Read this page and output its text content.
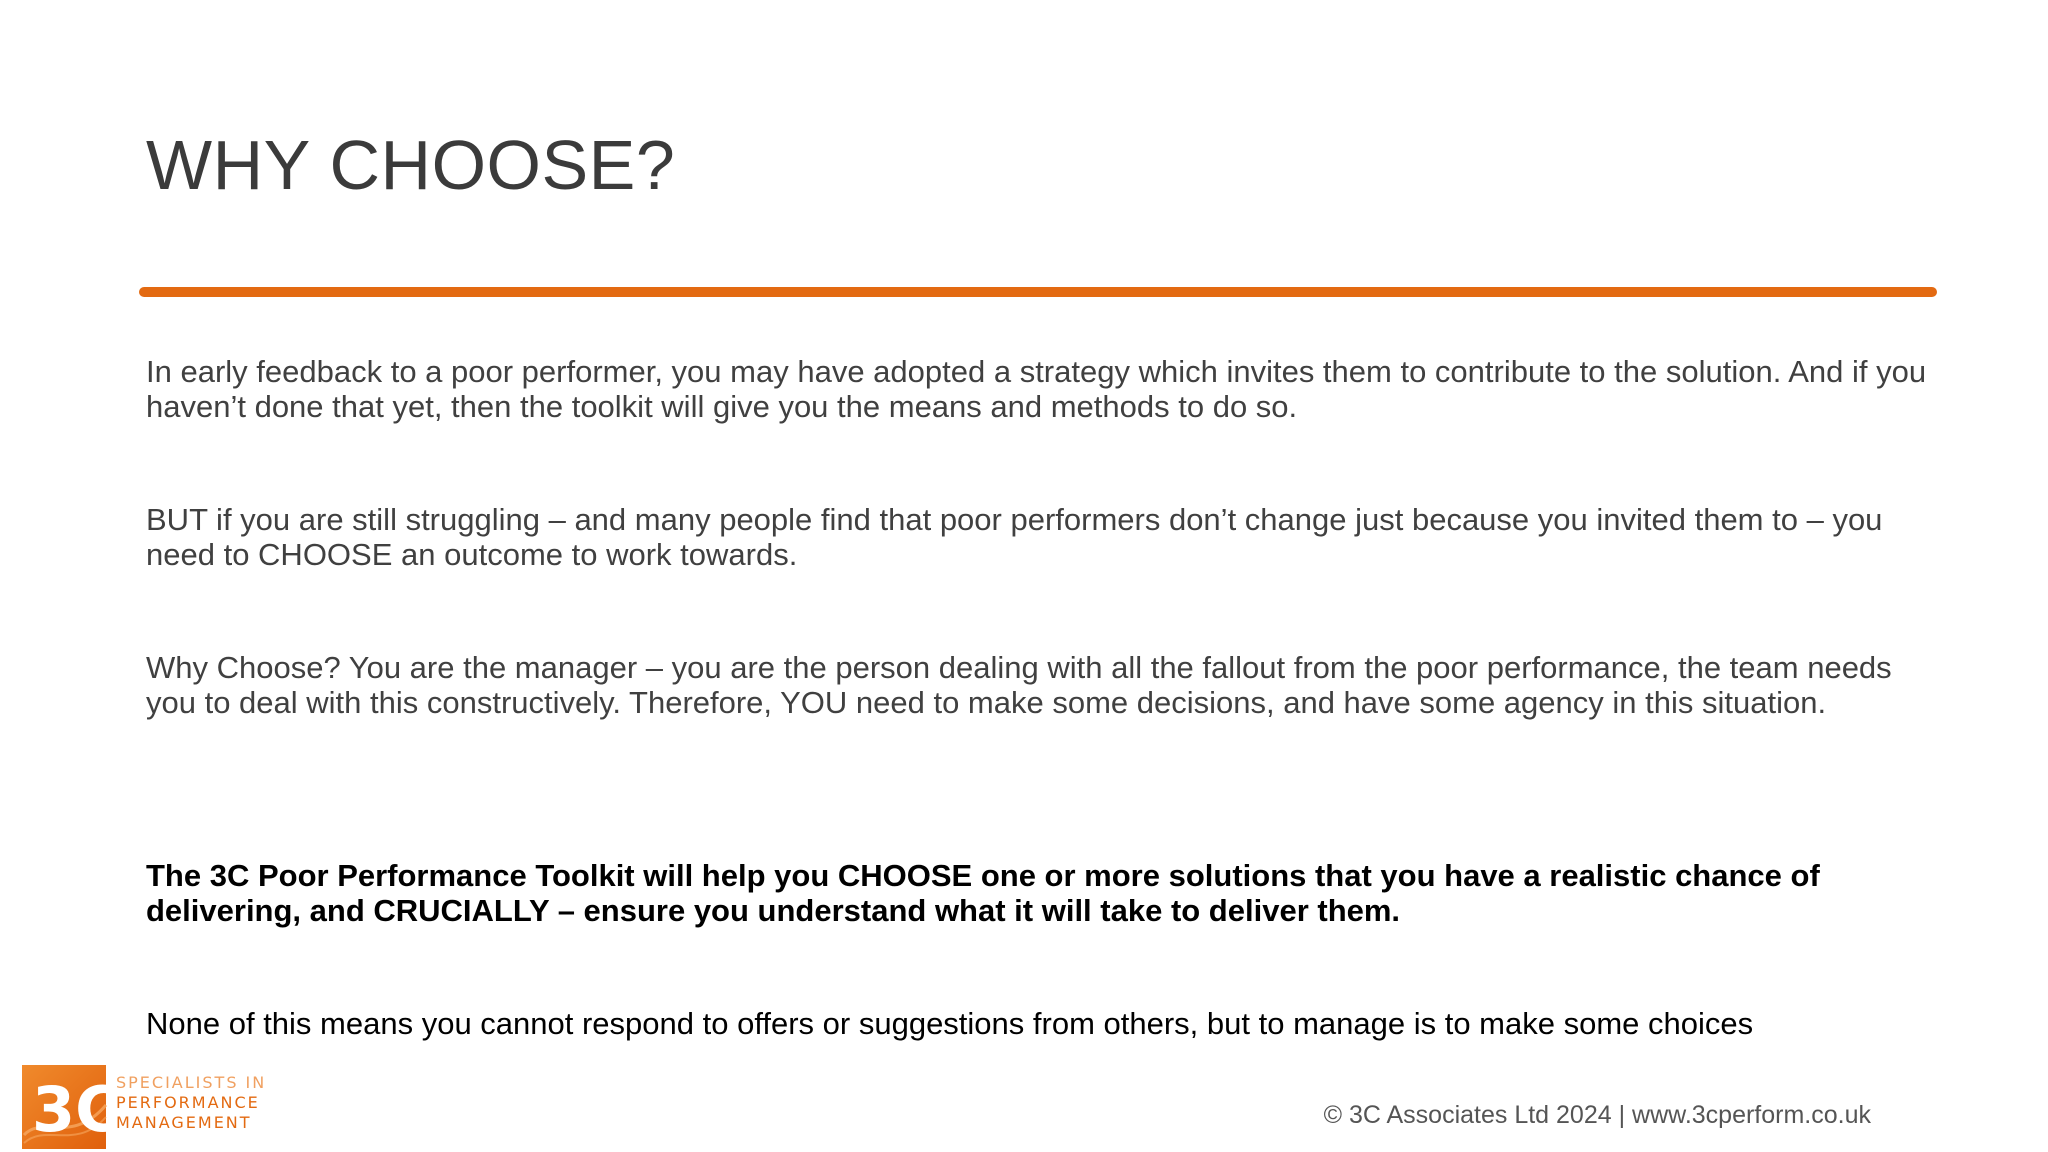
WHY CHOOSE?

In early feedback to a poor performer, you may have adopted a strategy which invites them to contribute to the solution. And if you haven’t done that yet, then the toolkit will give you the means and methods to do so.

BUT if you are still struggling – and many people find that poor performers don’t change just because you invited them to – you need to CHOOSE an outcome to work towards.

Why Choose? You are the manager – you are the person dealing with all the fallout from the poor performance, the team needs you to deal with this constructively. Therefore, YOU need to make some decisions, and have some agency in this situation.

The 3C Poor Performance Toolkit will help you CHOOSE one or more solutions that you have a realistic chance of delivering, and CRUCIALLY – ensure you understand what it will take to deliver them.

None of this means you cannot respond to offers or suggestions from others, but to manage is to make some choices

3C
SPECIALISTS IN
PERFORMANCE
MANAGEMENT	© 3C Associates Ltd 2024 | www.3cperform.co.uk
